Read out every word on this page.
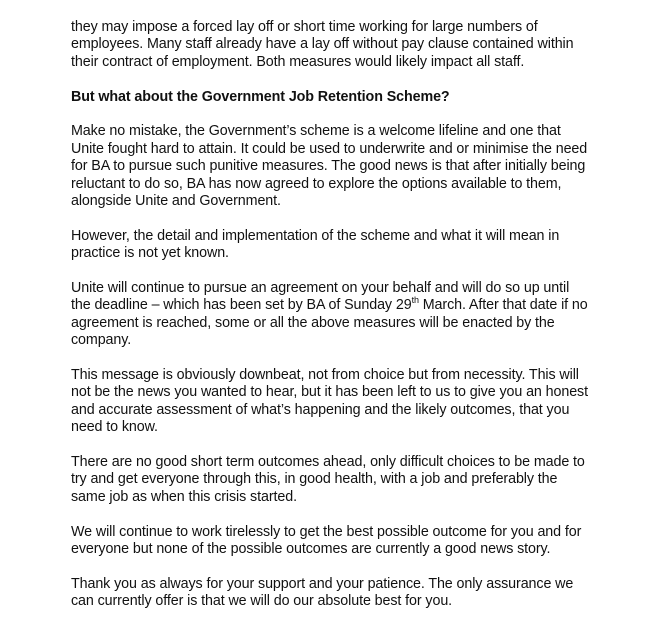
they may impose a forced lay off or short time working for large numbers of employees. Many staff already have a lay off without pay clause contained within their contract of employment. Both measures would likely impact all staff.

But what about the Government Job Retention Scheme?

Make no mistake, the Government’s scheme is a welcome lifeline and one that Unite fought hard to attain. It could be used to underwrite and or minimise the need for BA to pursue such punitive measures. The good news is that after initially being reluctant to do so, BA has now agreed to explore the options available to them, alongside Unite and Government.

However, the detail and implementation of the scheme and what it will mean in practice is not yet known.

Unite will continue to pursue an agreement on your behalf and will do so up until the deadline – which has been set by BA of Sunday 29th March. After that date if no agreement is reached, some or all the above measures will be enacted by the company.

This message is obviously downbeat, not from choice but from necessity. This will not be the news you wanted to hear, but it has been left to us to give you an honest and accurate assessment of what’s happening and the likely outcomes, that you need to know.

There are no good short term outcomes ahead, only difficult choices to be made to try and get everyone through this, in good health, with a job and preferably the same job as when this crisis started.

We will continue to work tirelessly to get the best possible outcome for you and for everyone but none of the possible outcomes are currently a good news story.

Thank you as always for your support and your patience. The only assurance we can currently offer is that we will do our absolute best for you.
